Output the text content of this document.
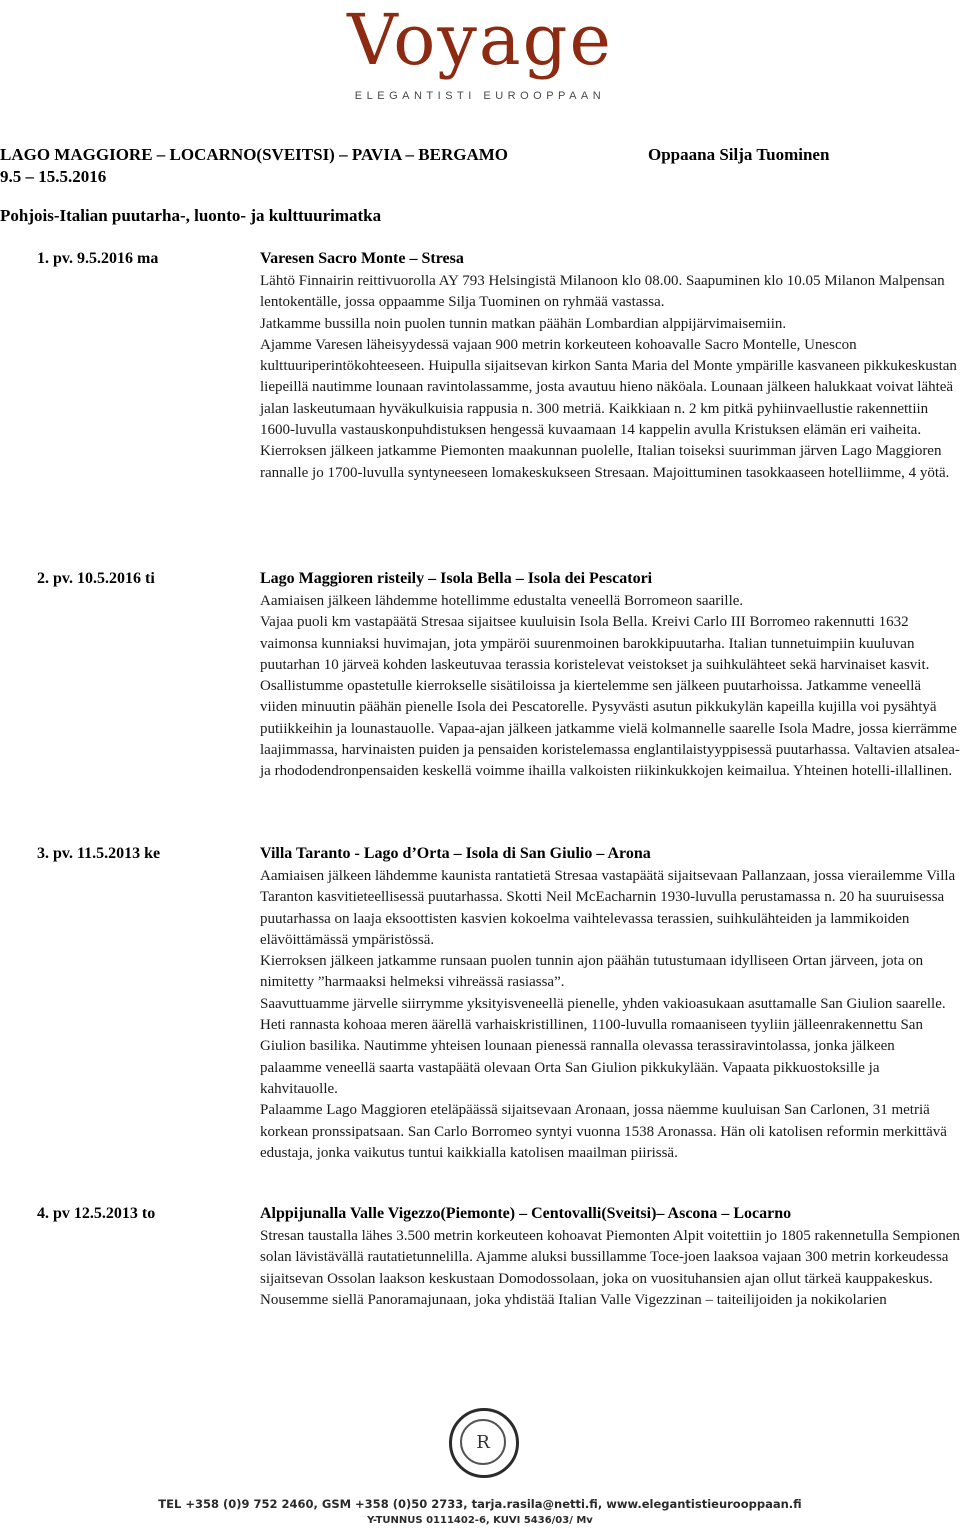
Voyage
ELEGANTISTI EUROOPPAAN
LAGO MAGGIORE – LOCARNO(SVEITSI) – PAVIA – BERGAMO	Oppaana Silja Tuominen
9.5 – 15.5.2016
Pohjois-Italian puutarha-, luonto- ja kulttuurimatka
1. pv. 9.5.2016 ma	Varesen Sacro Monte – Stresa

Lähtö Finnairin reittivuorolla AY 793 Helsingistä Milanoon klo 08.00. Saapuminen klo 10.05 Milanon Malpensan lentokentälle, jossa oppaamme Silja Tuominen on ryhmää vastassa.

Jatkamme bussilla noin puolen tunnin matkan päähän Lombardian alppijärvimaisemiin.

Ajamme Varesen läheisyydessä vajaan 900 metrin korkeuteen kohoavalle Sacro Montelle, Unescon kulttuuriperintökohteeseen. Huipulla sijaitsevan kirkon Santa Maria del Monte ympärille kasvaneen pikkukeskustan liepeillä nautimme lounaan ravintolassamme, josta avautuu hieno näköala. Lounaan jälkeen halukkaat voivat lähteä jalan laskeutumaan hyväkulkuisia rappusia n. 300 metriä. Kaikkiaan n. 2 km pitkä pyhiinvaellustie rakennettiin 1600-luvulla vastauskonpuhdistuksen hengessä kuvaamaan 14 kappelin avulla Kristuksen elämän eri vaiheita. Kierroksen jälkeen jatkamme Piemonten maakunnan puolelle, Italian toiseksi suurimman järven Lago Maggioren rannalle jo 1700-luvulla syntyneeseen lomakeskukseen Stresaan. Majoittuminen tasokkaaseen hotelliimme, 4 yötä.

2. pv. 10.5.2016 ti	Lago Maggioren risteily – Isola Bella – Isola dei Pescatori

Aamiaisen jälkeen lähdemme hotellimme edustalta veneellä Borromeon saarille.

Vajaa puoli km vastapäätä Stresaa sijaitsee kuuluisin Isola Bella. Kreivi Carlo III Borromeo rakennutti 1632 vaimonsa kunniaksi huvimajan, jota ympäröi suurenmoinen barokkipuutarha. Italian tunnetuimpiin kuuluvan puutarhan 10 järveä kohden laskeutuvaa terassia koristelevat veistokset ja suihkulähteet sekä harvinaiset kasvit. Osallistumme opastetulle kierrokselle sisätiloissa ja kiertelemme sen jälkeen puutarhoissa. Jatkamme veneellä viiden minuutin päähän pienelle Isola dei Pescatorelle. Pysyvästi asutun pikkukylän kapeilla kujilla voi pysähtyä putiikkeihin ja lounastauolle. Vapaa-ajan jälkeen jatkamme vielä kolmannelle saarelle Isola Madre, jossa kierrämme laajimmassa, harvinaisten puiden ja pensaiden koristelemassa englantilaistyyppisessä puutarhassa. Valtavien atsalea- ja rhododendronpensaiden keskellä voimme ihailla valkoisten riikinkukkojen keimailua. Yhteinen hotelli-illallinen.

3. pv. 11.5.2013 ke	Villa Taranto - Lago d’Orta – Isola di San Giulio – Arona

Aamiaisen jälkeen lähdemme kaunista rantatietä Stresaa vastapäätä sijaitsevaan Pallanzaan, jossa vierailemme Villa Taranton kasvitieteellisessä puutarhassa. Skotti Neil McEacharnin 1930-luvulla perustamassa n. 20 ha suuruisessa puutarhassa on laaja eksoottisten kasvien kokoelma vaihtelevassa terassien, suihkulähteiden ja lammikoiden elävöittämässä ympäristössä.

Kierroksen jälkeen jatkamme runsaan puolen tunnin ajon päähän tutustumaan idylliseen Ortan järveen, jota on nimitetty ”harmaaksi helmeksi vihreässä rasiassa”.

Saavuttuamme järvelle siirrymme yksityisveneellä pienelle, yhden vakioasukaan asuttamalle San Giulion saarelle. Heti rannasta kohoaa meren äärellä varhaiskristillinen, 1100-luvulla romaaniseen tyyliin jälleenrakennettu San Giulion basilika. Nautimme yhteisen lounaan pienessä rannalla olevassa terassiravintolassa, jonka jälkeen palaamme veneellä saarta vastapäätä olevaan Orta San Giulion pikkukylään. Vapaata pikkuostoksille ja kahvitauolle.

Palaamme Lago Maggioren eteläpäässä sijaitsevaan Aronaan, jossa näemme kuuluisan San Carlonen, 31 metriä korkean pronssipatsaan. San Carlo Borromeo syntyi vuonna 1538 Aronassa. Hän oli katolisen reformin merkittävä edustaja, jonka vaikutus tuntui kaikkialla katolisen maailman piirissä.

4. pv 12.5.2013 to	Alppijunalla Valle Vigezzo(Piemonte) – Centovalli(Sveitsi)– Ascona – Locarno

Stresan taustalla lähes 3.500 metrin korkeuteen kohoavat Piemonten Alpit voitettiin jo 1805 rakennetulla Sempionen solan lävistävällä rautatietunnelilla. Ajamme aluksi bussillamme Toce-joen laaksoa vajaan 300 metrin korkeudessa sijaitsevan Ossolan laakson keskustaan Domodossolaan, joka on vuosituhansien ajan ollut tärkeä kauppakeskus. Nousemme siellä Panoramajunaan, joka yhdistää Italian Valle Vigezzinan – taiteilijoiden ja nokikolarien

R
TEL +358 (0)9 752 2460, GSM +358 (0)50 2733, tarja.rasila@netti.fi, www.elegantistieurooppaan.fi
Y-TUNNUS 0111402-6, KUVI 5436/03/ Mv
